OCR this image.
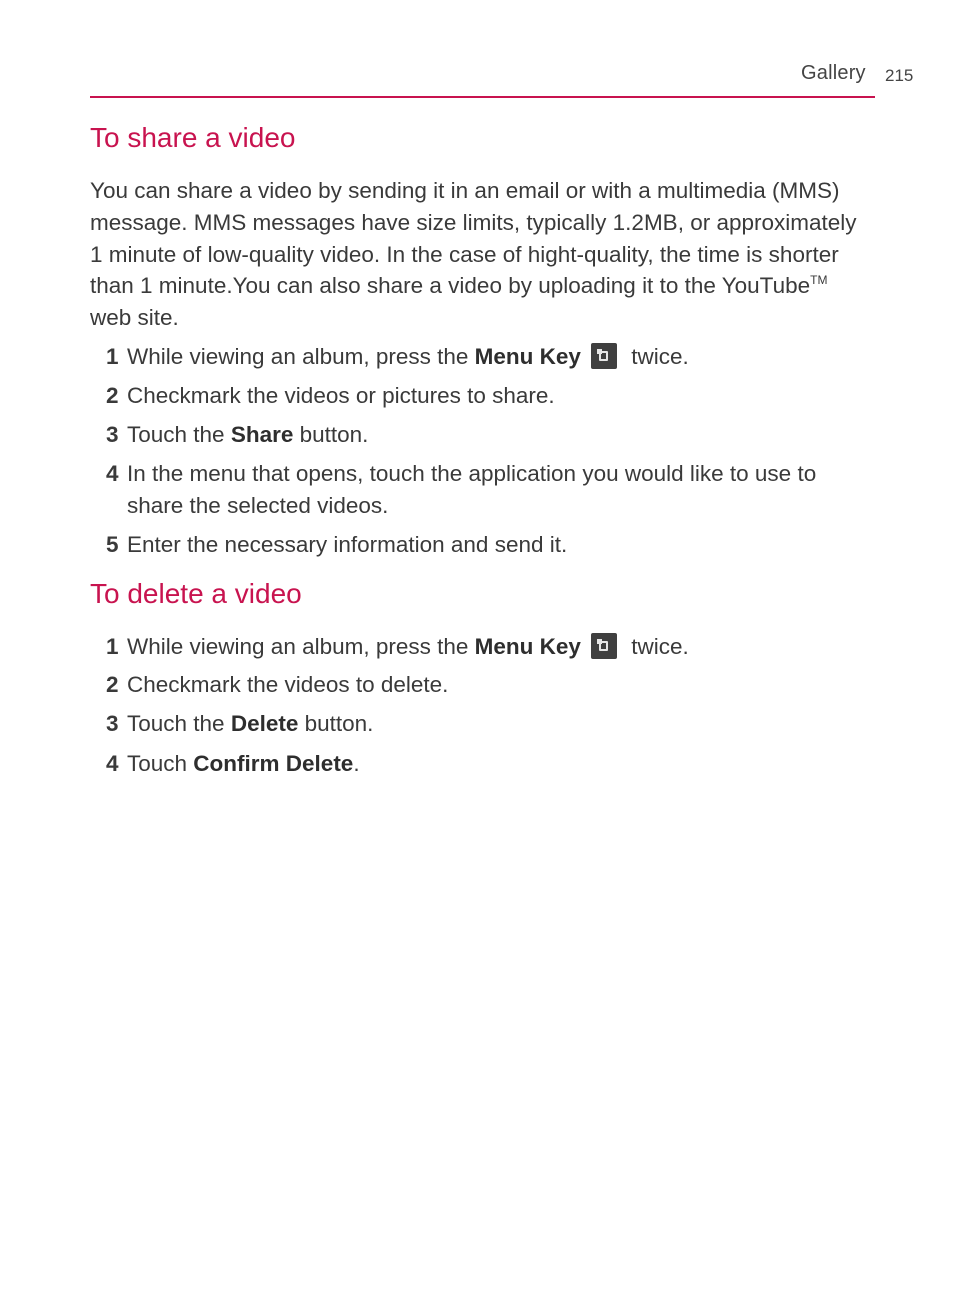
Gallery 215
To share a video
You can share a video by sending it in an email or with a multimedia (MMS) message. MMS messages have size limits, typically 1.2MB, or approximately 1 minute of low-quality video. In the case of hight-quality, the time is shorter than 1 minute.You can also share a video by uploading it to the YouTube™ web site.
1 While viewing an album, press the Menu Key twice.
2 Checkmark the videos or pictures to share.
3 Touch the Share button.
4 In the menu that opens, touch the application you would like to use to share the selected videos.
5 Enter the necessary information and send it.
To delete a video
1 While viewing an album, press the Menu Key twice.
2 Checkmark the videos to delete.
3 Touch the Delete button.
4 Touch Confirm Delete.
